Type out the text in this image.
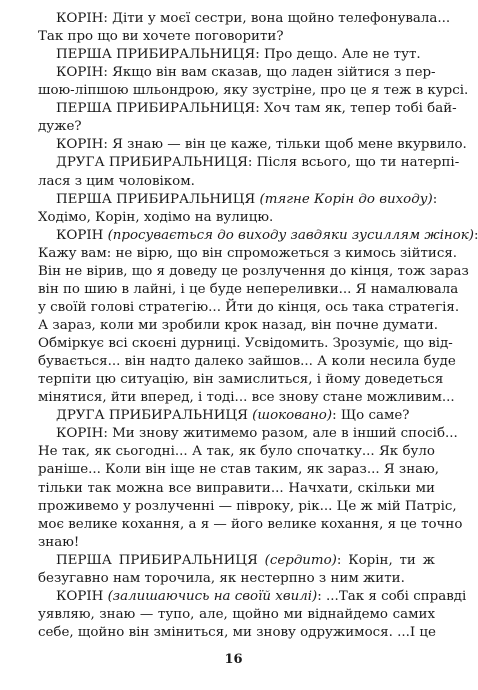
КОРІН: Діти у моєї сестри, вона щойно телефонувала...
Так про що ви хочете поговорити?
ПЕРША ПРИБИРАЛЬНИЦЯ: Про дещо. Але не тут.
КОРІН: Якщо він вам сказав, що ладен зійтися з пер-
шою-ліпшою шльондрою, яку зустріне, про це я теж в курсі.
ПЕРША ПРИБИРАЛЬНИЦЯ: Хоч там як, тепер тобі бай-
дуже?
КОРІН: Я знаю — він це каже, тільки щоб мене вкурвило.
ДРУГА ПРИБИРАЛЬНИЦЯ: Після всього, що ти натерпі-
лася з цим чоловіком.
ПЕРША ПРИБИРАЛЬНИЦЯ (тягне Корін до виходу):
Ходімо, Корін, ходімо на вулицю.
КОРІН (просувається до виходу завдяки зусиллям жінок)
Кажу вам: не вірю, що він спроможеться з кимось зійтися.
Він не вірив, що я доведу це розлучення до кінця, тож зараз
він по шию в лайні, і це буде непереливки... Я намалювала
у своїй голові стратегію... Йти до кінця, ось така стратегія.
А зараз, коли ми зробили крок назад, він почне думати.
Обміркує всі скоєні дурниці. Усвідомить. Зрозуміє, що від-
бувається... він надто далеко зайшов... А коли несила буде
терпіти цю ситуацію, він замислиться, і йому доведеться
мінятися, йти вперед, і тоді... все знову стане можливим...
ДРУГА ПРИБИРАЛЬНИЦЯ (шоковано): Що саме?
КОРІН: Ми знову житимемо разом, але в інший спосіб...
Не так, як сьогодні... А так, як було спочатку... Як було
раніше... Коли він іще не став таким, як зараз... Я знаю,
тільки так можна все виправити... Начхати, скільки ми
проживемо у розлученні — півроку, рік... Це ж мій Патріс,
моє велике кохання, а я — його велике кохання, я це точно
знаю!
ПЕРША ПРИБИРАЛЬНИЦЯ (сердито): Корін, ти ж
безугавно нам торочила, як нестерпно з ним жити.
КОРІН (залишаючись на своїй хвилі): ...Так я собі справді
уявляю, знаю — тупо, але, щойно ми віднайдемо самих
себе, щойно він зміниться, ми знову одружимося. ...І це
16
